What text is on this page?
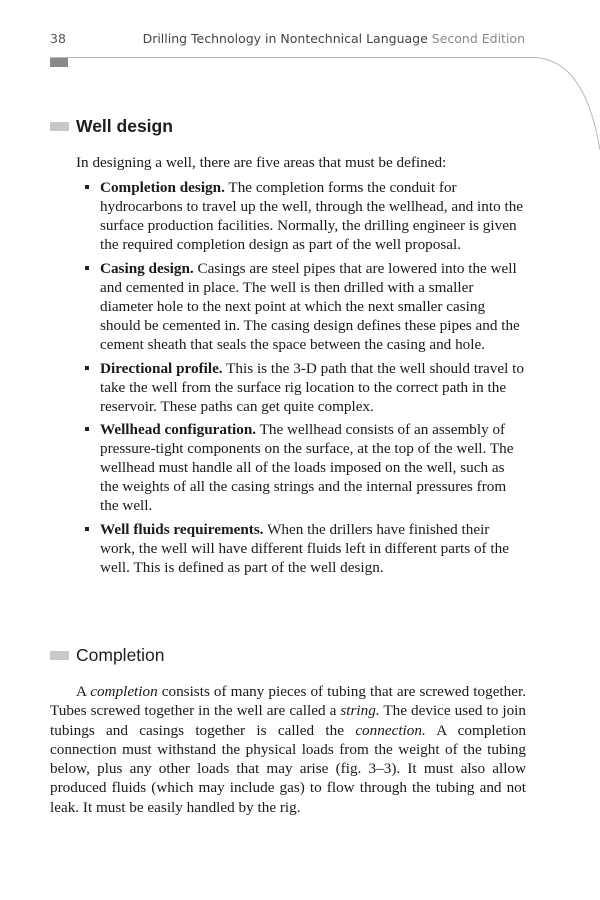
38	Drilling Technology in Nontechnical Language Second Edition
Well design

In designing a well, there are five areas that must be defined:

Completion design. The completion forms the conduit for hydrocarbons to travel up the well, through the wellhead, and into the surface production facilities. Normally, the drilling engineer is given the required completion design as part of the well proposal.
Casing design. Casings are steel pipes that are lowered into the well and cemented in place. The well is then drilled with a smaller diameter hole to the next point at which the next smaller casing should be cemented in. The casing design defines these pipes and the cement sheath that seals the space between the casing and hole.
Directional profile. This is the 3-D path that the well should travel to take the well from the surface rig location to the correct path in the reservoir. These paths can get quite complex.
Wellhead configuration. The wellhead consists of an assembly of pressure-tight components on the surface, at the top of the well. The wellhead must handle all of the loads imposed on the well, such as the weights of all the casing strings and the internal pressures from the well.
Well fluids requirements. When the drillers have finished their work, the well will have different fluids left in different parts of the well. This is defined as part of the well design.
Completion

A completion consists of many pieces of tubing that are screwed together. Tubes screwed together in the well are called a string. The device used to join tubings and casings together is called the connection. A completion connection must withstand the physical loads from the weight of the tubing below, plus any other loads that may arise (fig. 3–3). It must also allow produced fluids (which may include gas) to flow through the tubing and not leak. It must be easily handled by the rig.
